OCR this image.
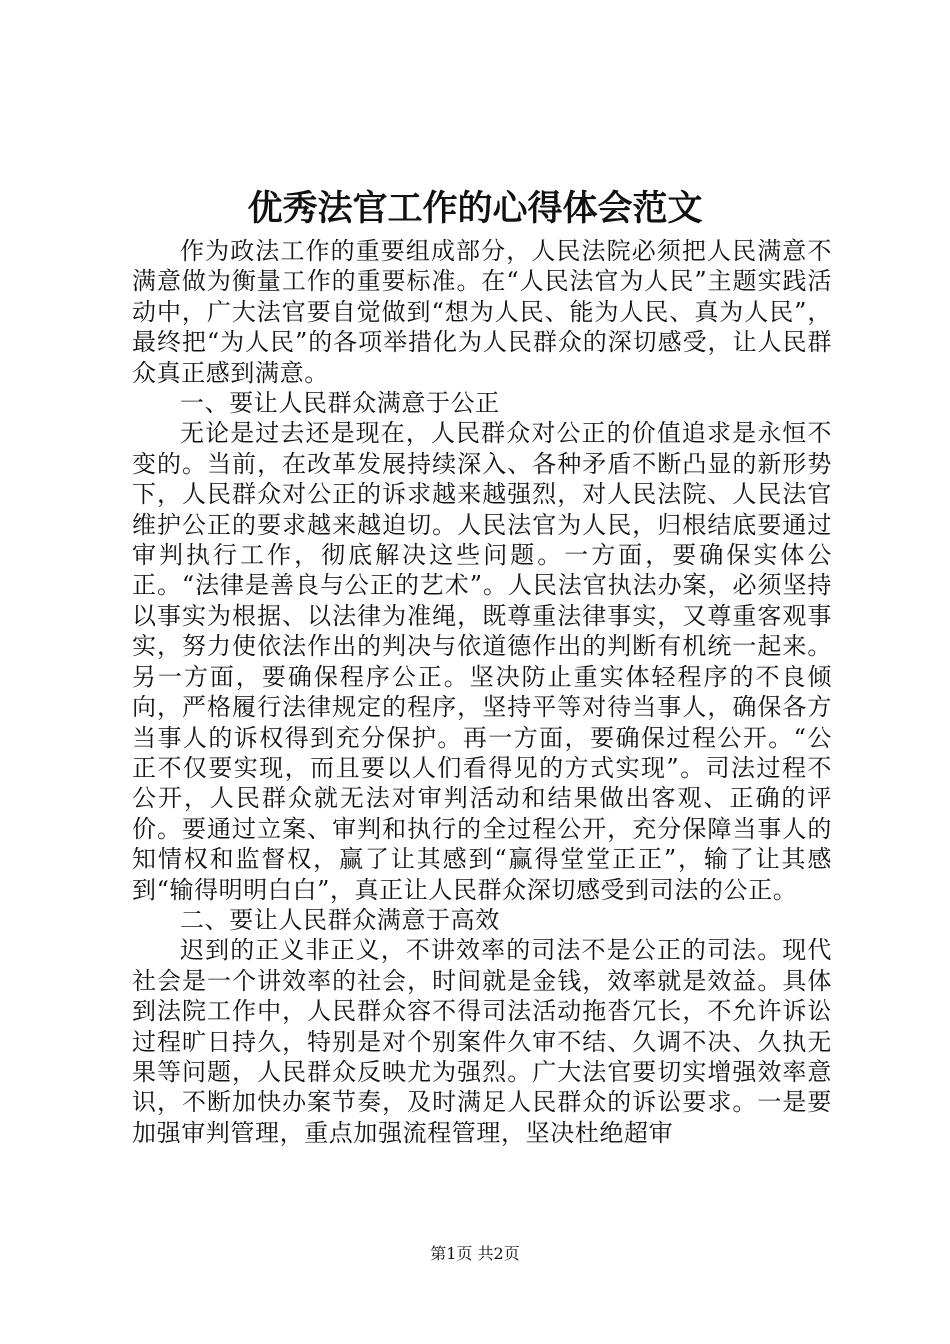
优秀法官工作的心得体会范文

作为政法工作的重要组成部分，人民法院必须把人民满意不满意做为衡量工作的重要标准。在“人民法官为人民”主题实践活动中，广大法官要自觉做到“想为人民、能为人民、真为人民”，最终把“为人民”的各项举措化为人民群众的深切感受，让人民群众真正感到满意。

一、要让人民群众满意于公正

无论是过去还是现在，人民群众对公正的价值追求是永恒不变的。当前，在改革发展持续深入、各种矛盾不断凸显的新形势下，人民群众对公正的诉求越来越强烈，对人民法院、人民法官维护公正的要求越来越迫切。人民法官为人民，归根结底要通过审判执行工作，彻底解决这些问题。一方面，要确保实体公正。“法律是善良与公正的艺术”。人民法官执法办案，必须坚持以事实为根据、以法律为准绳，既尊重法律事实，又尊重客观事实，努力使依法作出的判决与依道德作出的判断有机统一起来。另一方面，要确保程序公正。坚决防止重实体轻程序的不良倾向，严格履行法律规定的程序，坚持平等对待当事人，确保各方当事人的诉权得到充分保护。再一方面，要确保过程公开。“公正不仅要实现，而且要以人们看得见的方式实现”。司法过程不公开，人民群众就无法对审判活动和结果做出客观、正确的评价。要通过立案、审判和执行的全过程公开，充分保障当事人的知情权和监督权，赢了让其感到“赢得堂堂正正”，输了让其感到“输得明明白白”，真正让人民群众深切感受到司法的公正。

二、要让人民群众满意于高效

迟到的正义非正义，不讲效率的司法不是公正的司法。现代社会是一个讲效率的社会，时间就是金钱，效率就是效益。具体到法院工作中，人民群众容不得司法活动拖沓冗长，不允许诉讼过程旷日持久，特别是对个别案件久审不结、久调不决、久执无果等问题，人民群众反映尤为强烈。广大法官要切实增强效率意识，不断加快办案节奏，及时满足人民群众的诉讼要求。一是要加强审判管理，重点加强流程管理，坚决杜绝超审

第1页 共2页
